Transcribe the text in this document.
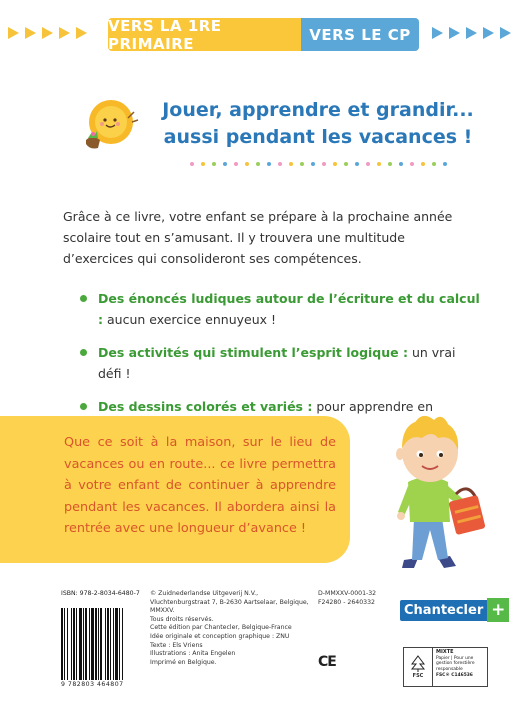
VERS LA 1RE PRIMAIRE	VERS LE CP
Jouer, apprendre et grandir...
aussi pendant les vacances !
Grâce à ce livre, votre enfant se prépare à la prochaine année scolaire tout en s’amusant. Il y trouvera une multitude d’exercices qui consolideront ses compétences.
Des énoncés ludiques autour de l’écriture et du calcul : aucun exercice ennuyeux !
Des activités qui stimulent l’esprit logique : un vrai défi !
Des dessins colorés et variés : pour apprendre en
Que ce soit à la maison, sur le lieu de vacances ou en route... ce livre permettra à votre enfant de continuer à apprendre pendant les vacances. Il abordera ainsi la rentrée avec une longueur d’avance !
ISBN: 978-2-8034-6480-7
9 782803 464807
© Zuidnederlandse Uitgeverij N.V.,
Vluchtenburgstraat 7, B-2630 Aartselaar, Belgique, MMXXV.
Tous droits réservés.
Cette édition par Chantecler, Belgique-France
Idée originale et conception graphique : ZNU
Texte : Els Vriens
Illustrations : Anita Engelen
Imprimé en Belgique.
D-MMXXV-0001-32
F24280 - 2640332
CE
Chantecler +
FSC
MIXTE
Papier | Pour une gestion forestière responsable
FSC® C146536
